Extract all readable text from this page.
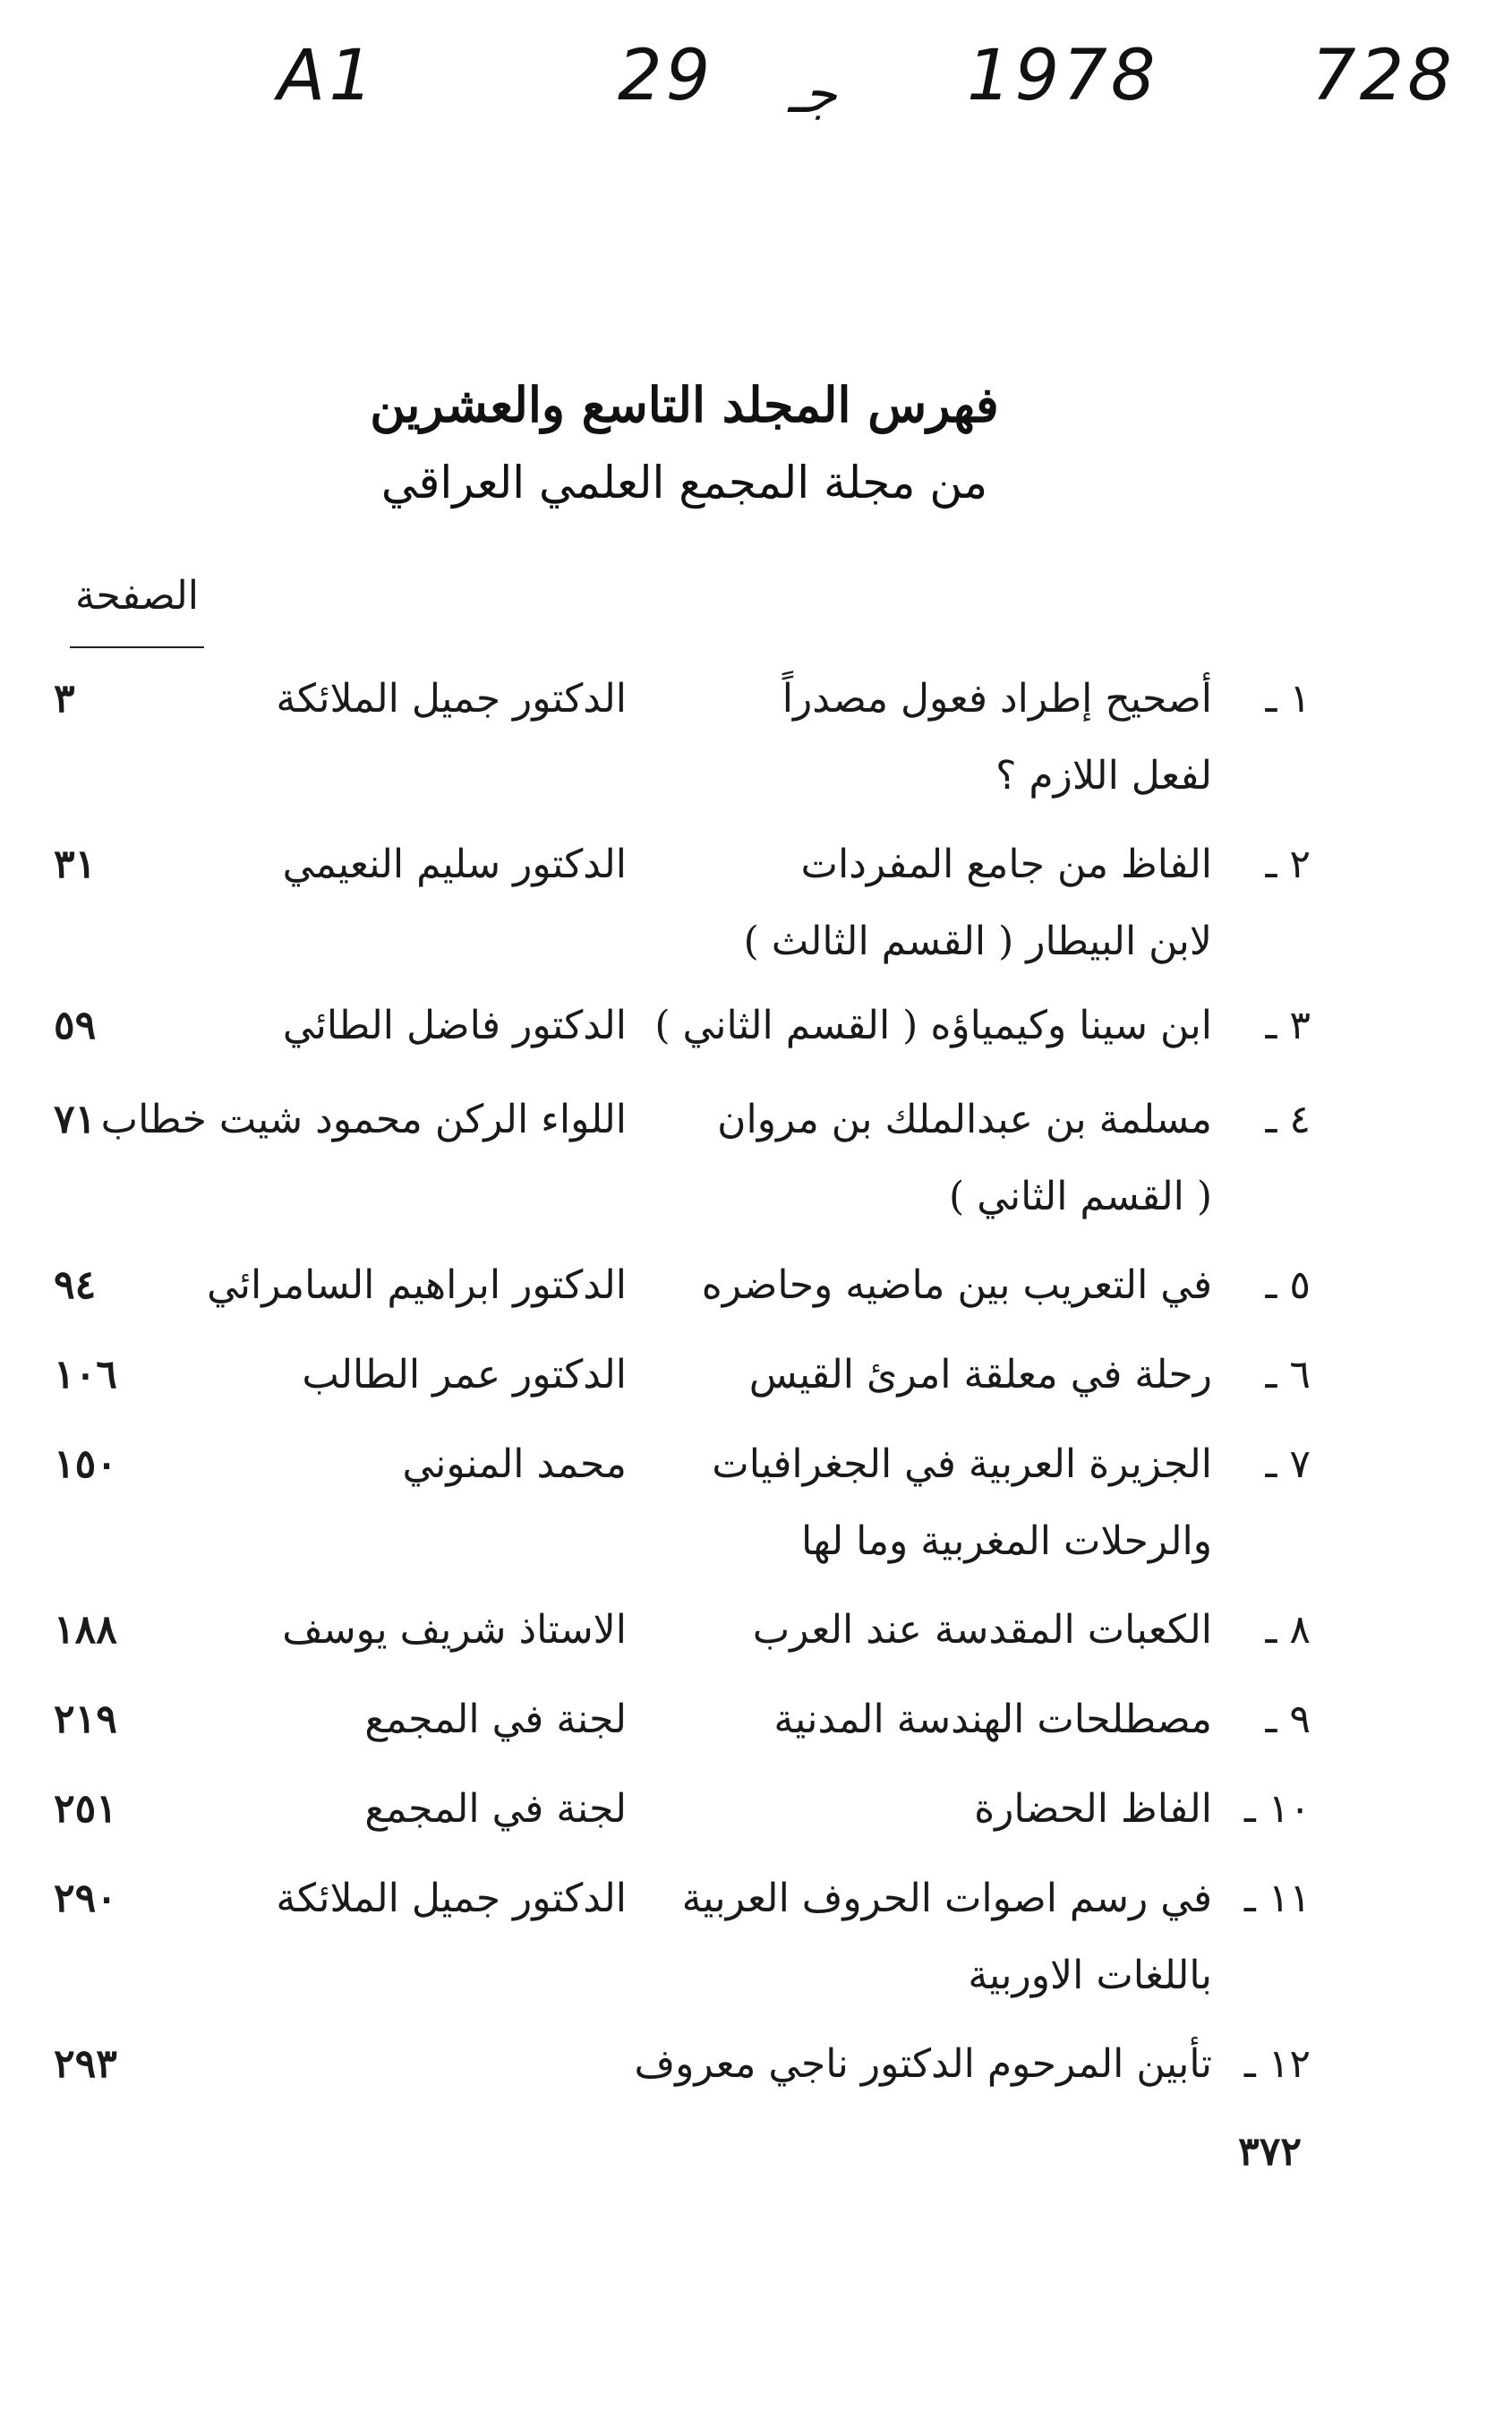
A1	29 جـ 1978 728
فهرس المجلد التاسع والعشرين
من مجلة المجمع العلمي العراقي
الصفحة
١ ـ
أصحيح إطراد فعول مصدراً
لفعل اللازم ؟
الدكتور جميل الملائكة
٣
٢ ـ
الفاظ من جامع المفردات
لابن البيطار ( القسم الثالث )
الدكتور سليم النعيمي
٣١
٣ ـ
ابن سينا وكيمياؤه ( القسم الثاني )
الدكتور فاضل الطائي
٥٩
٤ ـ
مسلمة بن عبدالملك بن مروان
( القسم الثاني )
اللواء الركن محمود شيت خطاب
٧١
٥ ـ
في التعريب بين ماضيه وحاضره
الدكتور ابراهيم السامرائي
٩٤
٦ ـ
رحلة في معلقة امرئ القيس
الدكتور عمر الطالب
١٠٦
٧ ـ
الجزيرة العربية في الجغرافيات
والرحلات المغربية وما لها
محمد المنوني
١٥٠
٨ ـ
الكعبات المقدسة عند العرب
الاستاذ شريف يوسف
١٨٨
٩ ـ
مصطلحات الهندسة المدنية
لجنة في المجمع
٢١٩
١٠ ـ
الفاظ الحضارة
لجنة في المجمع
٢٥١
١١ ـ
في رسم اصوات الحروف العربية
باللغات الاوربية
الدكتور جميل الملائكة
٢٩٠
١٢ ـ
تأبين المرحوم الدكتور ناجي معروف
٢٩٣
٣٧٢
